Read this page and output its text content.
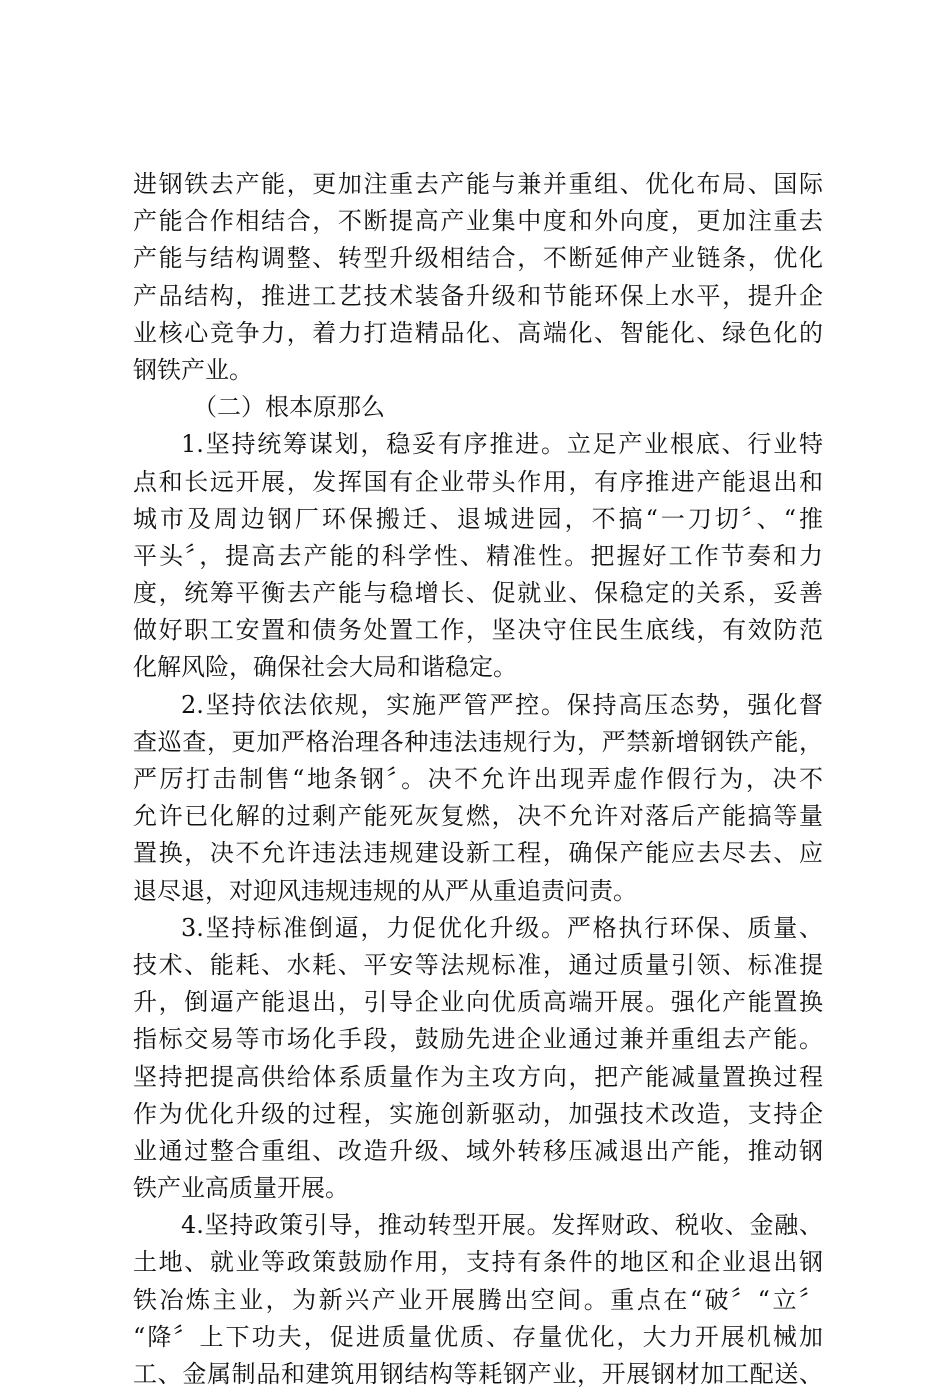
进钢铁去产能，更加注重去产能与兼并重组、优化布局、国际
产能合作相结合，不断提高产业集中度和外向度，更加注重去
产能与结构调整、转型升级相结合，不断延伸产业链条，优化
产品结构，推进工艺技术装备升级和节能环保上水平，提升企
业核心竞争力，着力打造精品化、高端化、智能化、绿色化的
钢铁产业。
（二）根本原那么
1.坚持统筹谋划，稳妥有序推进。立足产业根底、行业特
点和长远开展，发挥国有企业带头作用，有序推进产能退出和
城市及周边钢厂环保搬迁、退城进园，不搞“一刀切〞、“推
平头〞，提高去产能的科学性、精准性。把握好工作节奏和力
度，统筹平衡去产能与稳增长、促就业、保稳定的关系，妥善
做好职工安置和债务处置工作，坚决守住民生底线，有效防范
化解风险，确保社会大局和谐稳定。
2.坚持依法依规，实施严管严控。保持高压态势，强化督
查巡查，更加严格治理各种违法违规行为，严禁新增钢铁产能，
严厉打击制售“地条钢〞。决不允许出现弄虚作假行为，决不
允许已化解的过剩产能死灰复燃，决不允许对落后产能搞等量
置换，决不允许违法违规建设新工程，确保产能应去尽去、应
退尽退，对迎风违规违规的从严从重追责问责。
3.坚持标准倒逼，力促优化升级。严格执行环保、质量、
技术、能耗、水耗、平安等法规标准，通过质量引领、标准提
升，倒逼产能退出，引导企业向优质高端开展。强化产能置换
指标交易等市场化手段，鼓励先进企业通过兼并重组去产能。
坚持把提高供给体系质量作为主攻方向，把产能减量置换过程
作为优化升级的过程，实施创新驱动，加强技术改造，支持企
业通过整合重组、改造升级、域外转移压减退出产能，推动钢
铁产业高质量开展。
4.坚持政策引导，推动转型开展。发挥财政、税收、金融、
土地、就业等政策鼓励作用，支持有条件的地区和企业退出钢
铁冶炼主业，为新兴产业开展腾出空间。重点在“破〞“立〞
“降〞上下功夫，促进质量优质、存量优化，大力开展机械加
工、金属制品和建筑用钢结构等耗钢产业，开展钢材加工配送、
